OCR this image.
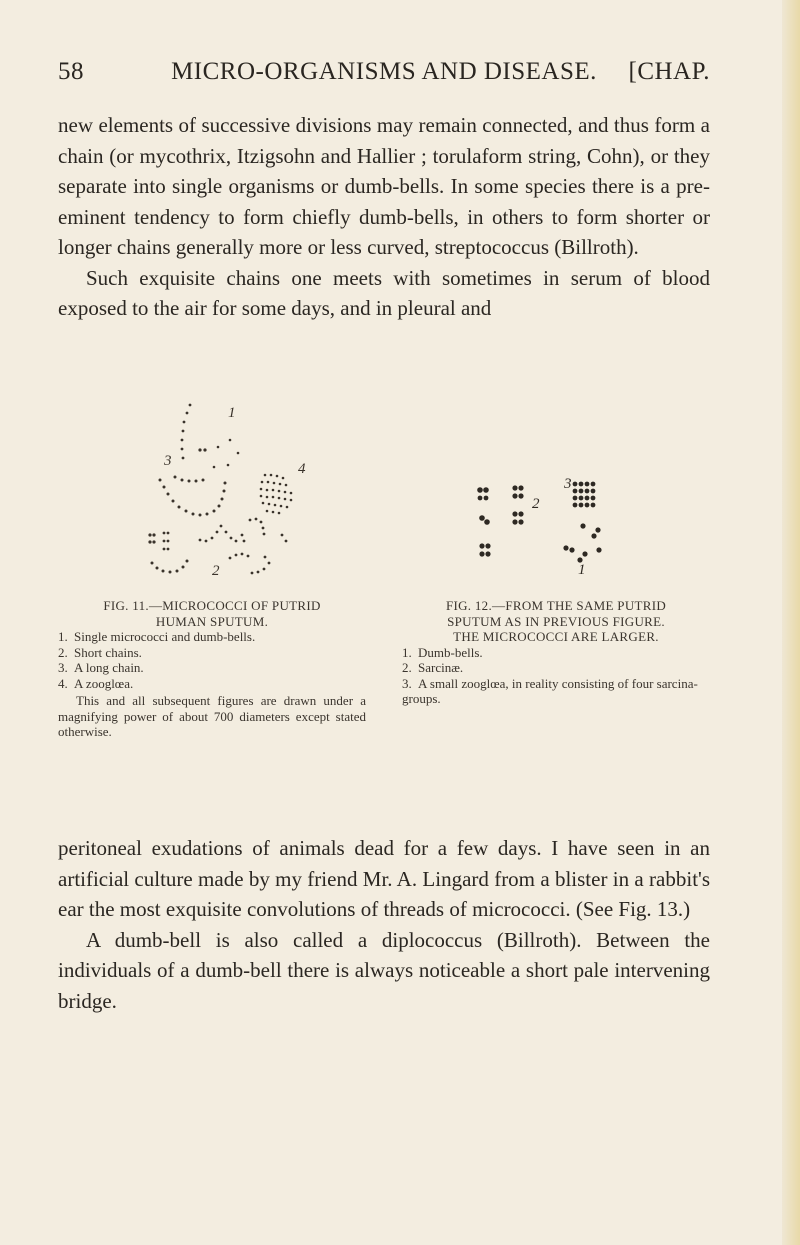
58	MICRO-ORGANISMS AND DISEASE.	[CHAP.

new elements of successive divisions may remain connected, and thus form a chain (or mycothrix, Itzigsohn and Hallier ; torulaform string, Cohn), or they separate into single organisms or dumb-bells. In some species there is a pre-eminent tendency to form chiefly dumb-bells, in others to form shorter or longer chains generally more or less curved, streptococcus (Billroth).

Such exquisite chains one meets with sometimes in serum of blood exposed to the air for some days, and in pleural and

1
3	4
2
2
3
1
FIG. 11.—MICROCOCCI OF PUTRID
HUMAN SPUTUM.
1. Single micrococci and dumb-bells.
2. Short chains.
3. A long chain.
4. A zooglœa.
This and all subsequent figures are drawn under a magnifying power of about 700 diameters except stated otherwise.
FIG. 12.—FROM THE SAME PUTRID
SPUTUM AS IN PREVIOUS FIGURE.
THE MICROCOCCI ARE LARGER.
1. Dumb-bells.
2. Sarcinæ.
3. A small zooglœa, in reality consisting of four sarcina-groups.

peritoneal exudations of animals dead for a few days. I have seen in an artificial culture made by my friend Mr. A. Lingard from a blister in a rabbit's ear the most exquisite convolutions of threads of micrococci. (See Fig. 13.)

A dumb-bell is also called a diplococcus (Billroth). Between the individuals of a dumb-bell there is always noticeable a short pale intervening bridge.
